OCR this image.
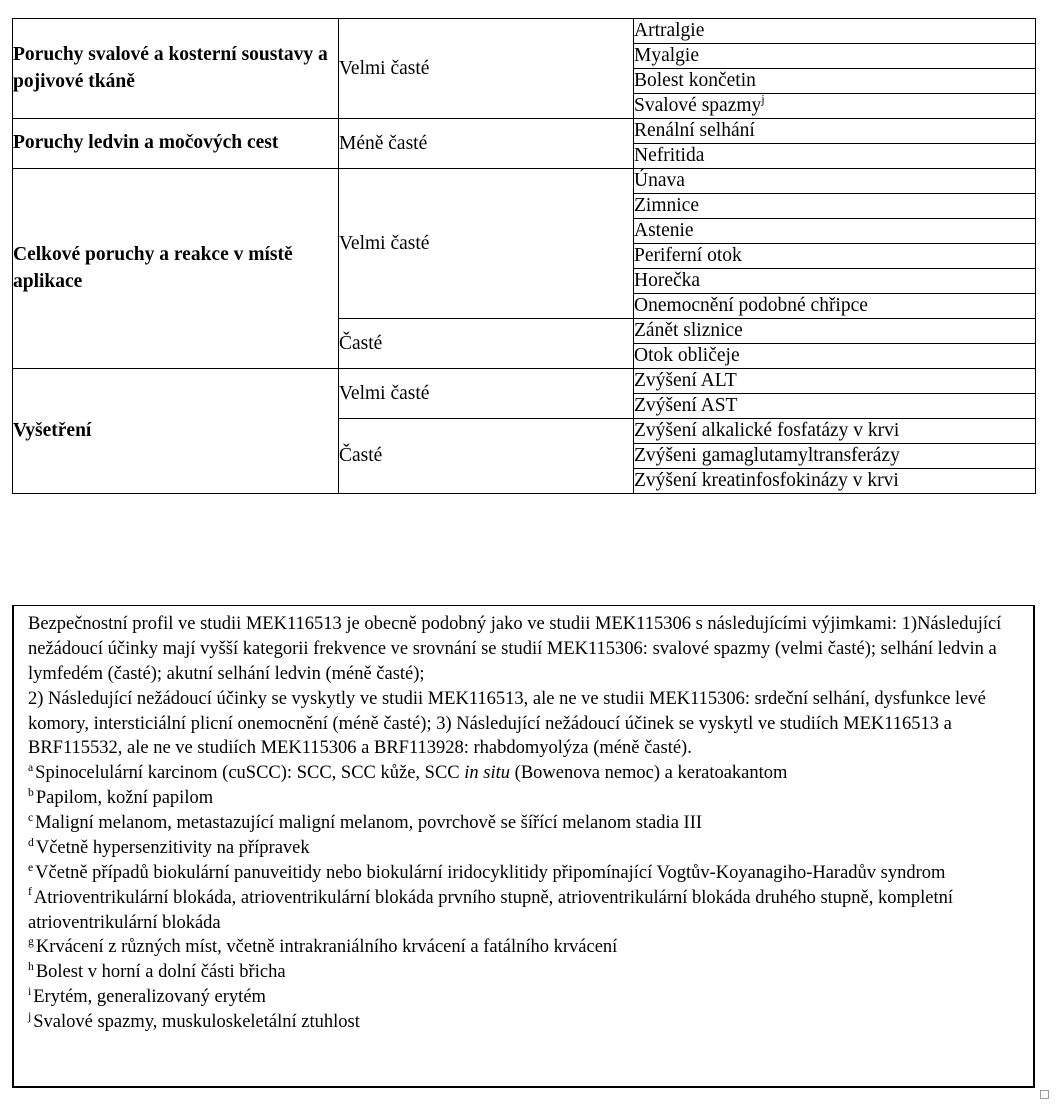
Poruchy svalové a kosterní soustavy a pojivové tkáně	Velmi časté	Artralgie
		Myalgie
		Bolest končetin
		Svalové spazmy$^j$
Poruchy ledvin a močových cest	Méně časté	Renální selhání
		Nefritida
Celkové poruchy a reakce v místě aplikace	Velmi časté	Únava
		Zimnice
		Astenie
		Periferní otok
		Horečka
		Onemocnění podobné chřipce
	Časté	Zánět sliznice
		Otok obličeje
Vyšetření	Velmi časté	Zvýšení ALT
		Zvýšení AST
	Časté	Zvýšení alkalické fosfatázy v krvi
		Zvýšeni gamaglutamyltransferázy
		Zvýšení kreatinfosfokinázy v krvi

Bezpečnostní profil ve studii MEK116513 je obecně podobný jako ve studii MEK115306 s následujícími výjimkami: 1)Následující nežádoucí účinky mají vyšší kategorii frekvence ve srovnání se studií MEK115306: svalové spazmy (velmi časté); selhání ledvin a lymfedém (časté); akutní selhání ledvin (méně časté);

2) Následující nežádoucí účinky se vyskytly ve studii MEK116513, ale ne ve studii MEK115306: srdeční selhání, dysfunkce levé komory, intersticiální plicní onemocnění (méně časté); 3) Následující nežádoucí účinek se vyskytl ve studiích MEK116513 a BRF115532, ale ne ve studiích MEK115306 a BRF113928: rhabdomyolýza (méně časté).

$^a$ Spinocelulární karcinom (cuSCC): SCC, SCC kůže, SCC in situ (Bowenova nemoc) a keratoakantom

$^b$ Papilom, kožní papilom

$^c$ Maligní melanom, metastazující maligní melanom, povrchově se šířící melanom stadia III

$^d$ Včetně hypersenzitivity na přípravek

$^e$ Včetně případů biokulární panuveitidy nebo biokulární iridocyklitidy připomínající Vogtův-Koyanagiho-Haradův syndrom

$^f$ Atrioventrikulární blokáda, atrioventrikulární blokáda prvního stupně, atrioventrikulární blokáda druhého stupně, kompletní atrioventrikulární blokáda

$^g$ Krvácení z různých míst, včetně intrakraniálního krvácení a fatálního krvácení

$^h$ Bolest v horní a dolní části břicha

$^i$ Erytém, generalizovaný erytém

$^j$ Svalové spazmy, muskuloskeletální ztuhlost
